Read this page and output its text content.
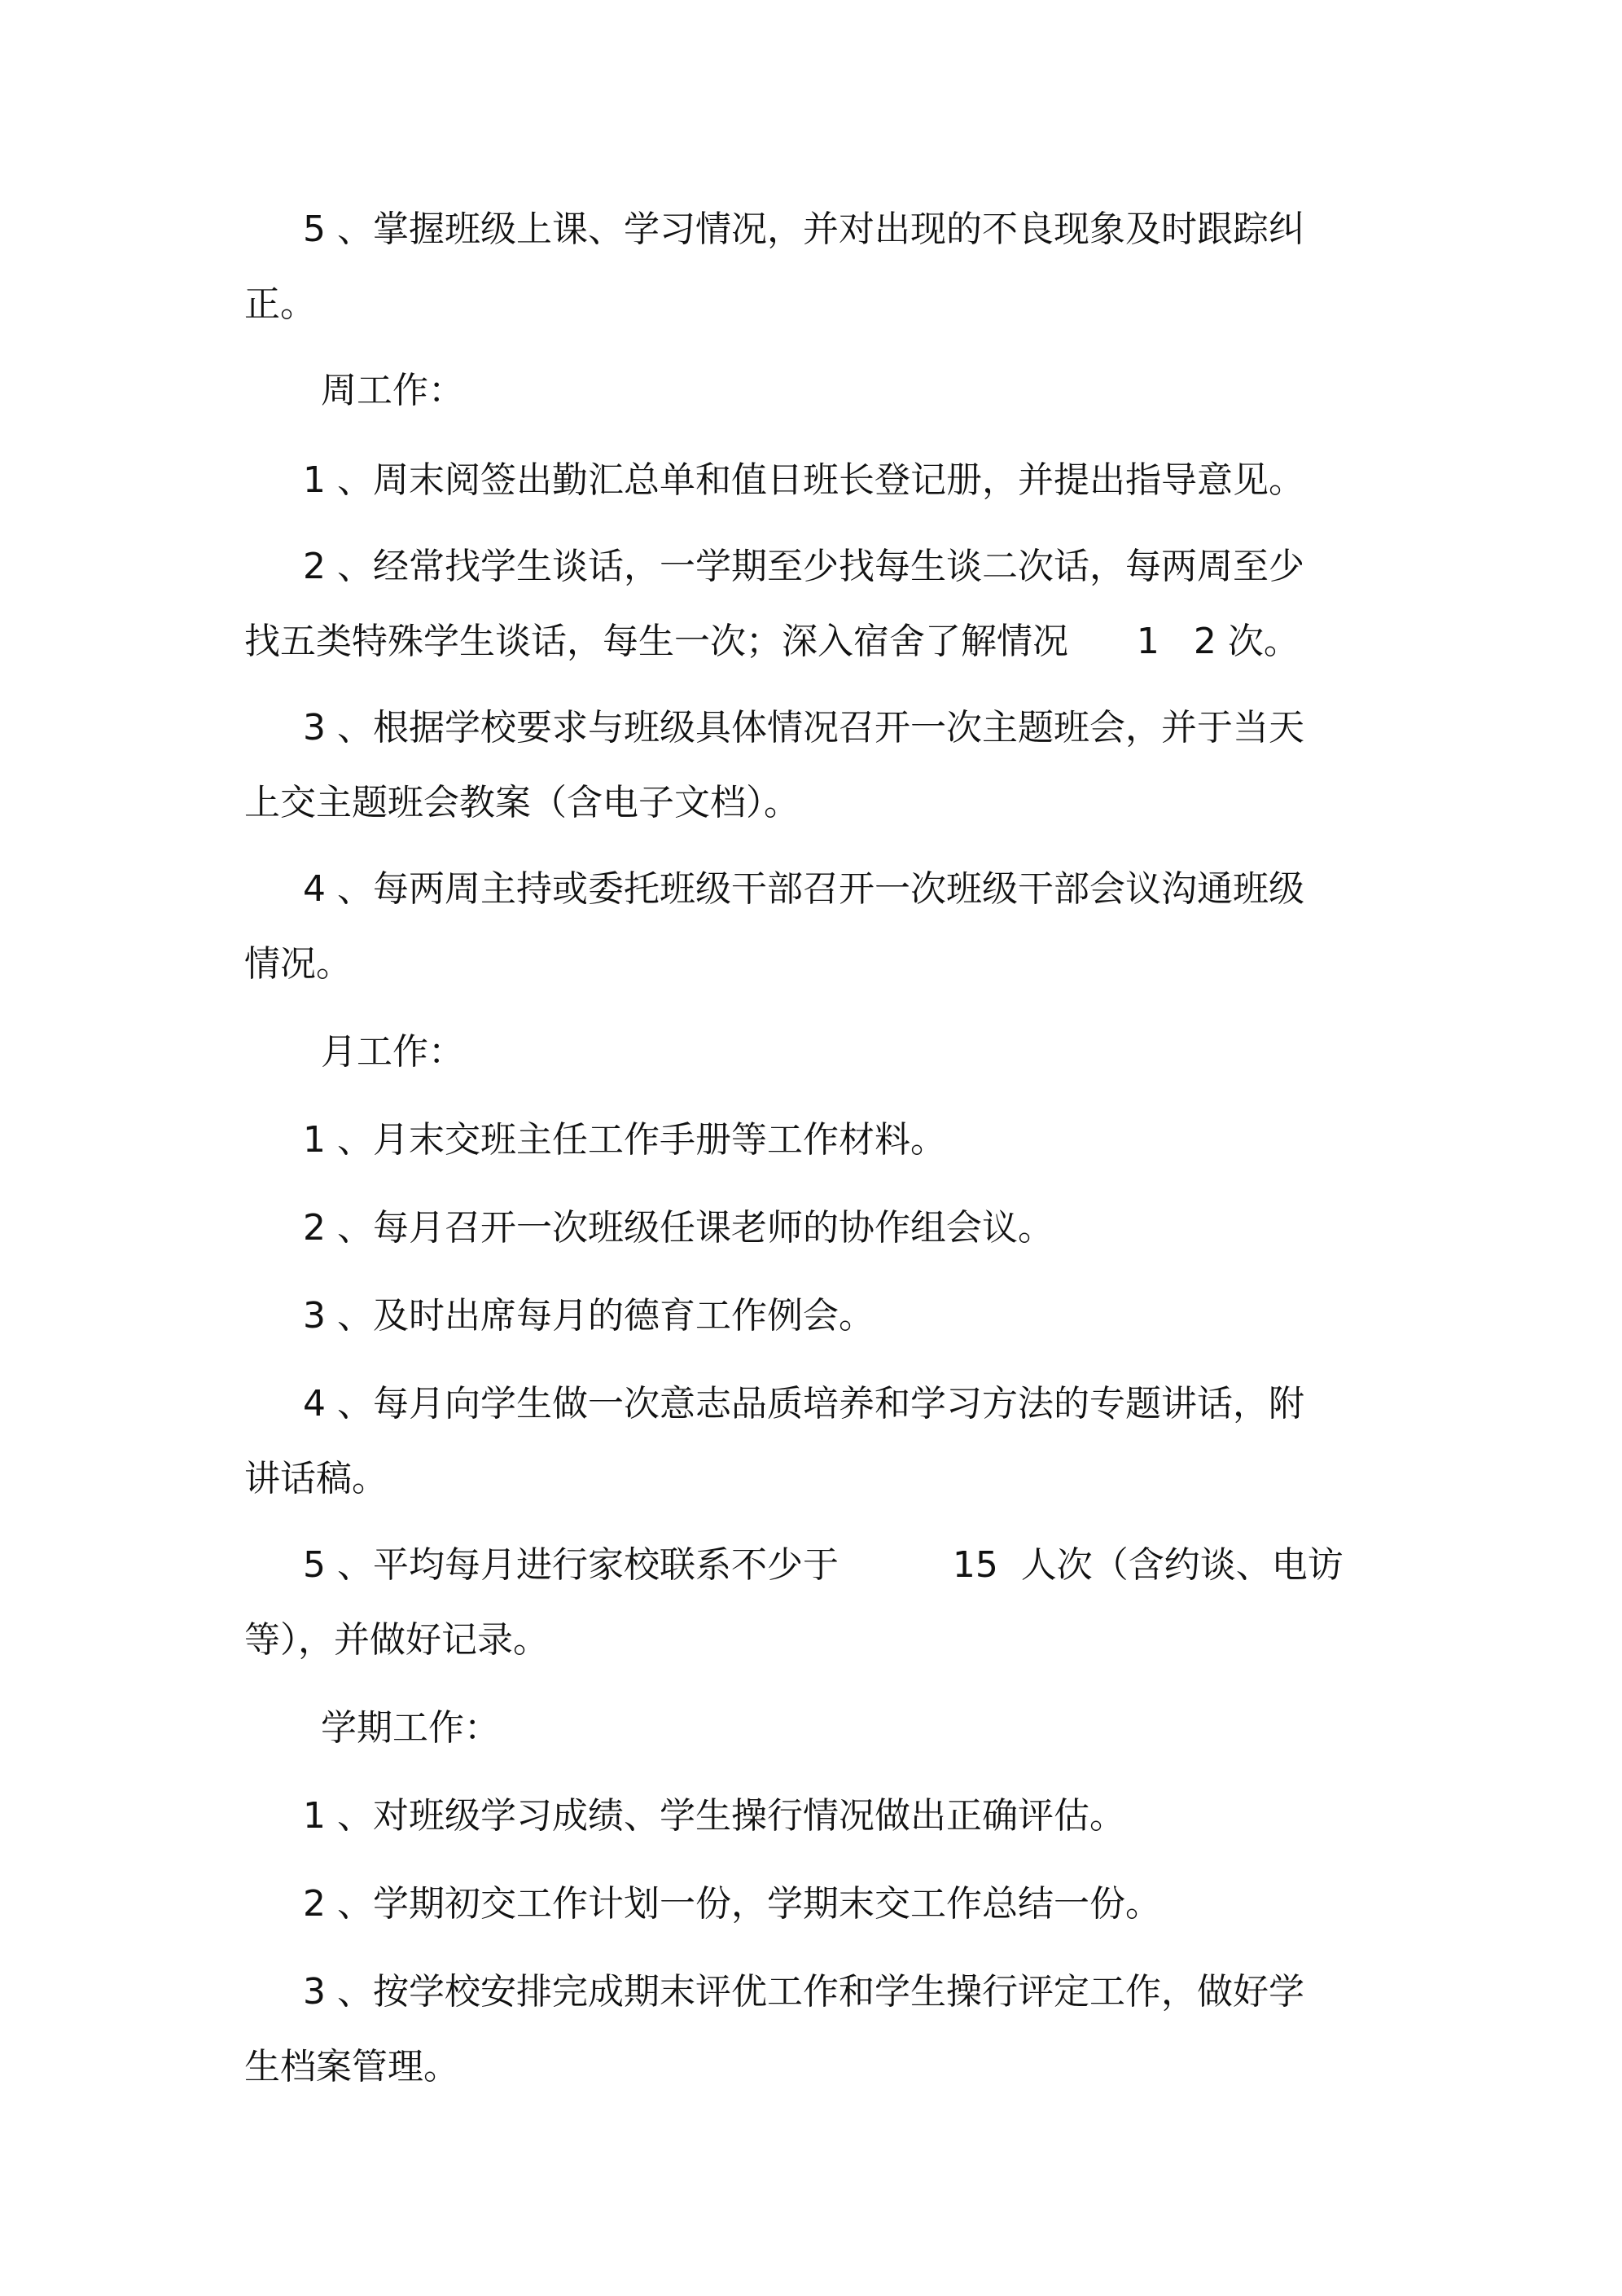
5 、掌握班级上课、学习情况，并对出现的不良现象及时跟踪纠
正。
周工作：
1 、周末阅签出勤汇总单和值日班长登记册，并提出指导意见。
2 、经常找学生谈话，一学期至少找每生谈二次话，每两周至少
找五类特殊学生谈话，每生一次；深入宿舍了解情况      1   2 次。
3 、根据学校要求与班级具体情况召开一次主题班会，并于当天
上交主题班会教案（含电子文档）。
4 、每两周主持或委托班级干部召开一次班级干部会议沟通班级
情况。
月工作：
1 、月末交班主任工作手册等工作材料。
2 、每月召开一次班级任课老师的协作组会议。
3 、及时出席每月的德育工作例会。
4 、每月向学生做一次意志品质培养和学习方法的专题讲话，附
讲话稿。
5 、平均每月进行家校联系不少于          15  人次（含约谈、电访
等），并做好记录。
学期工作：
1 、对班级学习成绩、学生操行情况做出正确评估。
2 、学期初交工作计划一份，学期末交工作总结一份。
3 、按学校安排完成期末评优工作和学生操行评定工作，做好学
生档案管理。
